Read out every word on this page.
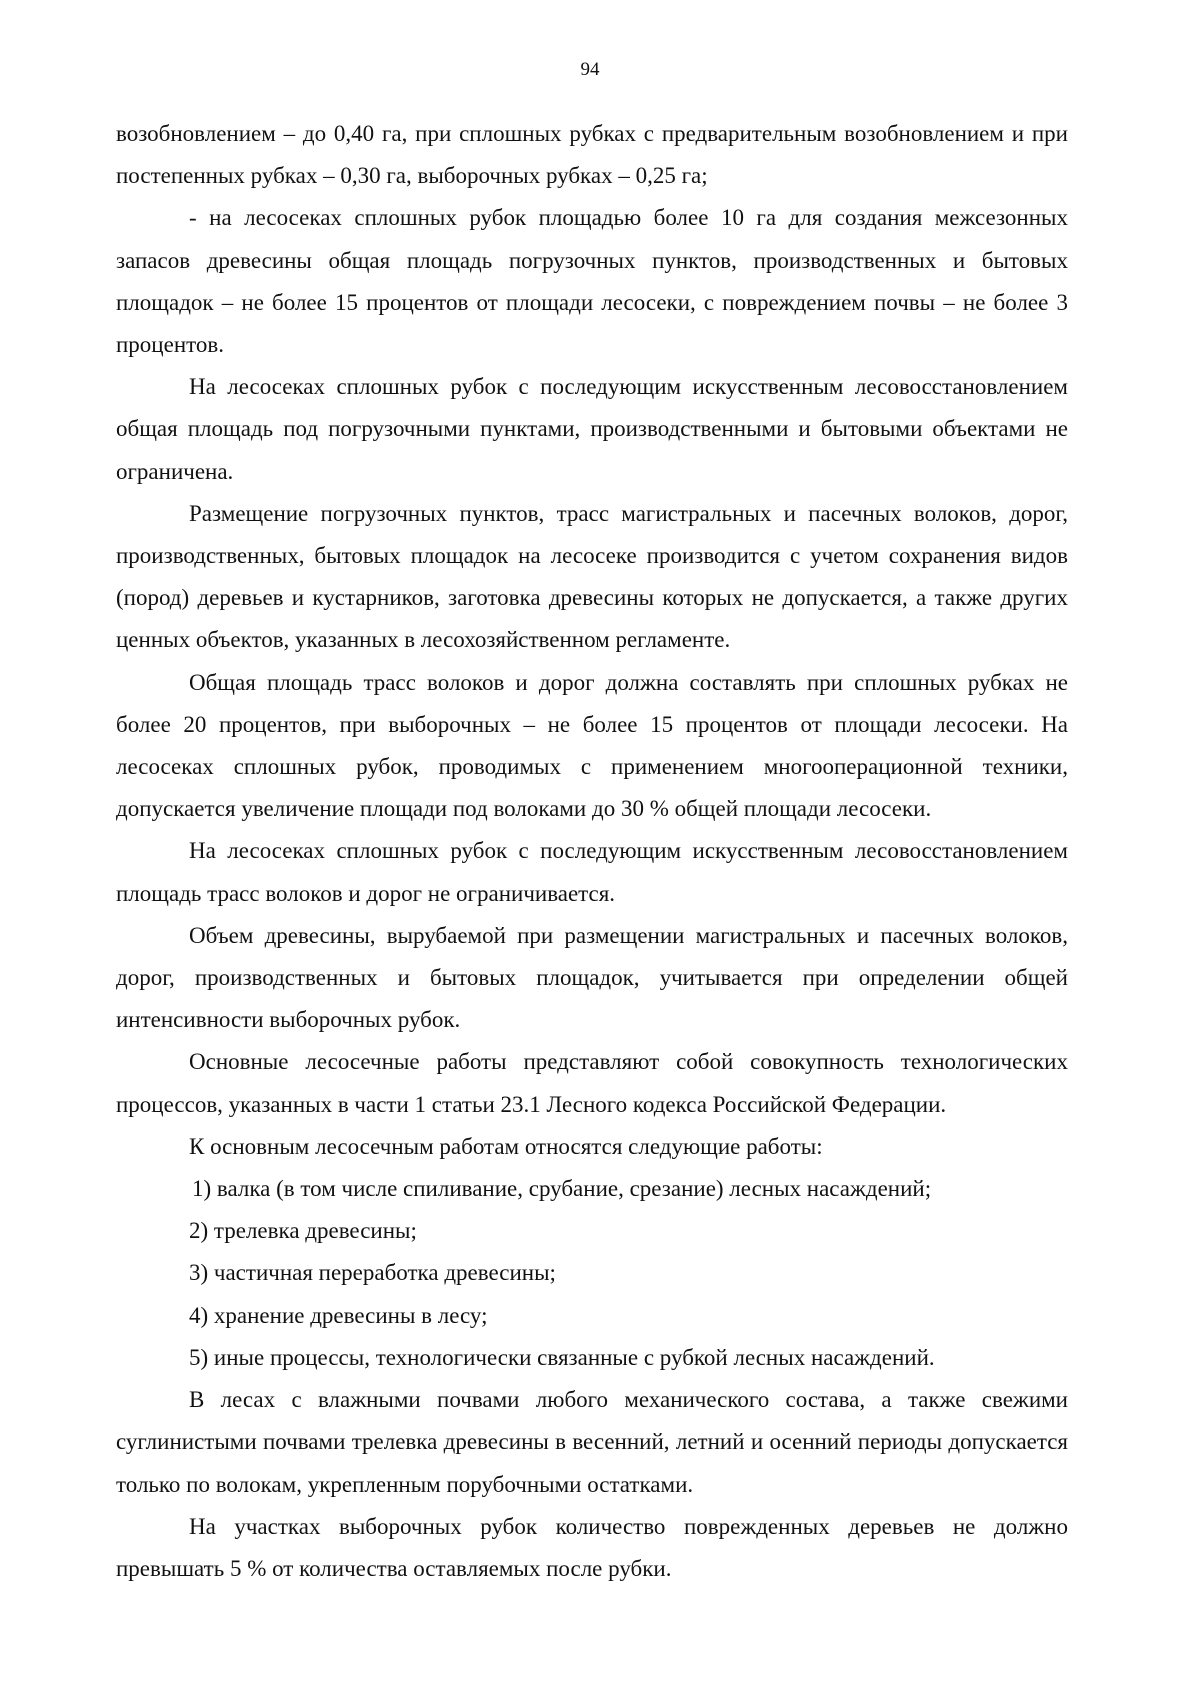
94

возобновлением – до 0,40 га, при сплошных рубках с предварительным возобновлением и при постепенных рубках – 0,30 га, выборочных рубках – 0,25 га;

- на лесосеках сплошных рубок площадью более 10 га для создания межсезонных запасов древесины общая площадь погрузочных пунктов, производственных и бытовых площадок – не более 15 процентов от площади лесосеки, с повреждением почвы – не более 3 процентов.

На лесосеках сплошных рубок с последующим искусственным лесовосстановлением общая площадь под погрузочными пунктами, производственными и бытовыми объектами не ограничена.

Размещение погрузочных пунктов, трасс магистральных и пасечных волоков, дорог, производственных, бытовых площадок на лесосеке производится с учетом сохранения видов (пород) деревьев и кустарников, заготовка древесины которых не допускается, а также других ценных объектов, указанных в лесохозяйственном регламенте.

Общая площадь трасс волоков и дорог должна составлять при сплошных рубках не более 20 процентов, при выборочных – не более 15 процентов от площади лесосеки. На лесосеках сплошных рубок, проводимых с применением многооперационной техники, допускается увеличение площади под волоками до 30 % общей площади лесосеки.

На лесосеках сплошных рубок с последующим искусственным лесовосстановлением площадь трасс волоков и дорог не ограничивается.

Объем древесины, вырубаемой при размещении магистральных и пасечных волоков, дорог, производственных и бытовых площадок, учитывается при определении общей интенсивности выборочных рубок.

Основные лесосечные работы представляют собой совокупность технологических процессов, указанных в части 1 статьи 23.1 Лесного кодекса Российской Федерации.

К основным лесосечным работам относятся следующие работы:

1) валка (в том числе спиливание, срубание, срезание) лесных насаждений;

2) трелевка древесины;

3) частичная переработка древесины;

4) хранение древесины в лесу;

5) иные процессы, технологически связанные с рубкой лесных насаждений.

В лесах с влажными почвами любого механического состава, а также свежими суглинистыми почвами трелевка древесины в весенний, летний и осенний периоды допускается только по волокам, укрепленным порубочными остатками.

На участках выборочных рубок количество поврежденных деревьев не должно превышать 5 % от количества оставляемых после рубки.
